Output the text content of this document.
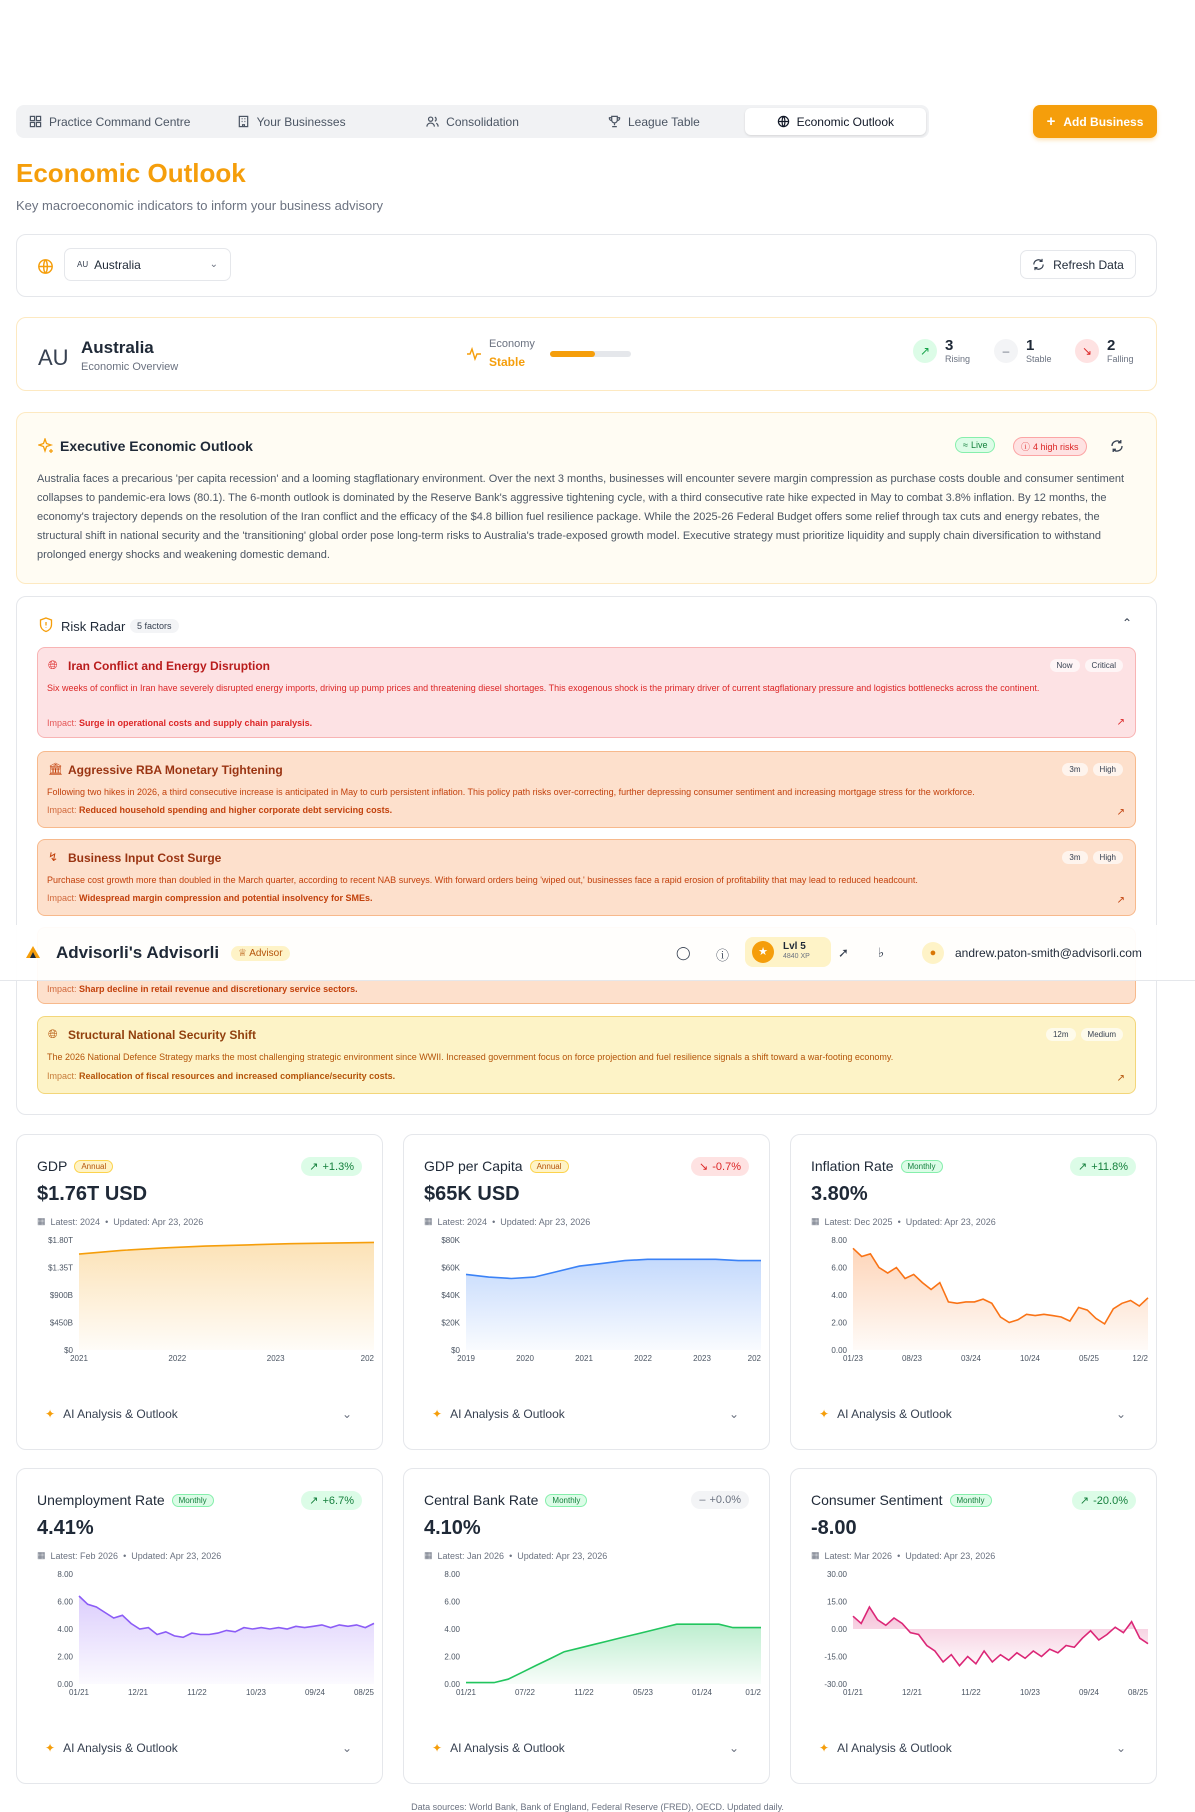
Practice Command Centre	Your Businesses	Consolidation	League Table	Economic Outlook	+ Add Business
Economic Outlook
Key macroeconomic indicators to inform your business advisory
AU Australia	⌄	Refresh Data
AU Australia
Economic Overview
Economy
Stable
↗ 3
Rising
–	1
Stable
↘ 2
Falling
Executive Economic Outlook	≈ Live	ⓘ 4 high risks
Australia faces a precarious 'per capita recession' and a looming stagflationary environment. Over the next 3 months, businesses will encounter severe margin compression as purchase costs double and consumer sentiment collapses to pandemic-era lows (80.1). The 6-month outlook is dominated by the Reserve Bank's aggressive tightening cycle, with a third consecutive rate hike expected in May to combat 3.8% inflation. By 12 months, the economy's trajectory depends on the resolution of the Iran conflict and the efficacy of the $4.8 billion fuel resilience package. While the 2025-26 Federal Budget offers some relief through tax cuts and energy rebates, the structural shift in national security and the 'transitioning' global order pose long-term risks to Australia's trade-exposed growth model. Executive strategy must prioritize liquidity and supply chain diversification to withstand prolonged energy shocks and weakening domestic demand.
Risk Radar	5 factors	⌃
🌐︎ Iran Conflict and Energy Disruption	Now	Critical
Six weeks of conflict in Iran have severely disrupted energy imports, driving up pump prices and threatening diesel shortages. This exogenous shock is the primary driver of current stagflationary pressure and logistics bottlenecks across the continent.
Impact: Surge in operational costs and supply chain paralysis.	↗
🏛︎ Aggressive RBA Monetary Tightening	3m	High
Following two hikes in 2026, a third consecutive increase is anticipated in May to curb persistent inflation. This policy path risks over-correcting, further depressing consumer sentiment and increasing mortgage stress for the workforce.
Impact: Reduced household spending and higher corporate debt servicing costs.	↗
↯ Business Input Cost Surge	3m	High
Purchase cost growth more than doubled in the March quarter, according to recent NAB surveys. With forward orders being 'wiped out,' businesses face a rapid erosion of profitability that may lead to reduced headcount.
Impact: Widespread margin compression and potential insolvency for SMEs.	↗
Impact: Sharp decline in retail revenue and discretionary service sectors.
🌐︎ Structural National Security Shift	12m	Medium
The 2026 National Defence Strategy marks the most challenging strategic environment since WWII. Increased government focus on force projection and fuel resilience signals a shift toward a war-footing economy.
Impact: Reallocation of fiscal resources and increased compliance/security costs.	↗
GDP	Annual	↗ +1.3%
$1.76T USD
▦ Latest: 2024 • Updated: Apr 23, 2026
$1.80T
$1.35T
$900B
$450B
$0
2021	2022	2023	202
✦ AI Analysis & Outlook	⌄
GDP per Capita	Annual	↘ -0.7%
$65K USD
▦ Latest: 2024 • Updated: Apr 23, 2026
$80K
$60K
$40K
$20K
$0
2019	2020	2021	2022	2023	202
✦ AI Analysis & Outlook	⌄
Inflation Rate	Monthly	↗ +11.8%
3.80%
▦ Latest: Dec 2025 • Updated: Apr 23, 2026
8.00
6.00
4.00
2.00
0.00
01/23	08/23	03/24	10/24	05/25	12/2
✦ AI Analysis & Outlook	⌄
Unemployment Rate	Monthly	↗ +6.7%
4.41%
▦ Latest: Feb 2026 • Updated: Apr 23, 2026
8.00
6.00
4.00
2.00
0.00
01/21	12/21	11/22	10/23	09/24	08/25
✦ AI Analysis & Outlook	⌄
Central Bank Rate	Monthly	– +0.0%
4.10%
▦ Latest: Jan 2026 • Updated: Apr 23, 2026
8.00
6.00
4.00
2.00
0.00
01/21	07/22	11/22	05/23	01/24	01/2
✦ AI Analysis & Outlook	⌄
Consumer Sentiment	Monthly	↗ -20.0%
-8.00
▦ Latest: Mar 2026 • Updated: Apr 23, 2026
30.00
15.00
0.00
-15.00
-30.00
01/21	12/21	11/22	10/23	09/24	08/25
✦ AI Analysis & Outlook	⌄
Advisorli's Advisorli	♕ Advisor	◯ ⓘ	★	Lvl 5
4840 XP ➚ ♭	●	andrew.paton-smith@advisorli.com
Data sources: World Bank, Bank of England, Federal Reserve (FRED), OECD. Updated daily.
